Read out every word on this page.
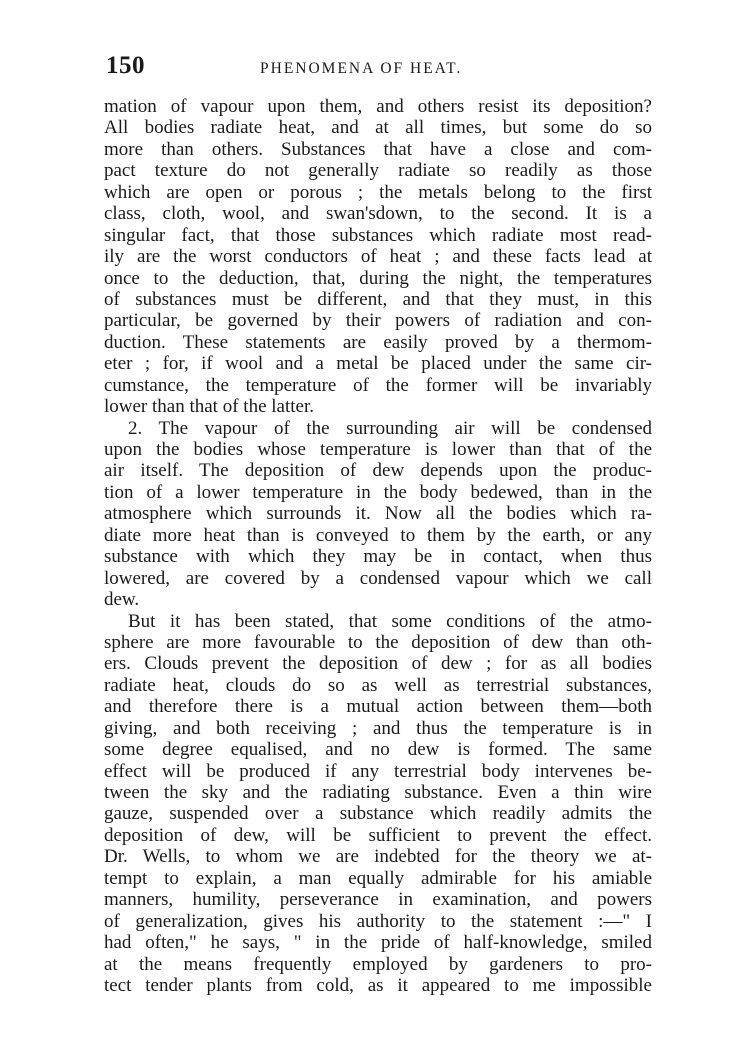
150	PHENOMENA OF HEAT.
mation of vapour upon them, and others resist its deposition?
All bodies radiate heat, and at all times, but some do so
more than others. Substances that have a close and com-
pact texture do not generally radiate so readily as those
which are open or porous ; the metals belong to the first
class, cloth, wool, and swan'sdown, to the second. It is a
singular fact, that those substances which radiate most read-
ily are the worst conductors of heat ; and these facts lead at
once to the deduction, that, during the night, the temperatures
of substances must be different, and that they must, in this
particular, be governed by their powers of radiation and con-
duction. These statements are easily proved by a thermom-
eter ; for, if wool and a metal be placed under the same cir-
cumstance, the temperature of the former will be invariably
lower than that of the latter.
2. The vapour of the surrounding air will be condensed
upon the bodies whose temperature is lower than that of the
air itself. The deposition of dew depends upon the produc-
tion of a lower temperature in the body bedewed, than in the
atmosphere which surrounds it. Now all the bodies which ra-
diate more heat than is conveyed to them by the earth, or any
substance with which they may be in contact, when thus
lowered, are covered by a condensed vapour which we call
dew.
But it has been stated, that some conditions of the atmo-
sphere are more favourable to the deposition of dew than oth-
ers. Clouds prevent the deposition of dew ; for as all bodies
radiate heat, clouds do so as well as terrestrial substances,
and therefore there is a mutual action between them—both
giving, and both receiving ; and thus the temperature is in
some degree equalised, and no dew is formed. The same
effect will be produced if any terrestrial body intervenes be-
tween the sky and the radiating substance. Even a thin wire
gauze, suspended over a substance which readily admits the
deposition of dew, will be sufficient to prevent the effect.
Dr. Wells, to whom we are indebted for the theory we at-
tempt to explain, a man equally admirable for his amiable
manners, humility, perseverance in examination, and powers
of generalization, gives his authority to the statement :—" I
had often," he says, " in the pride of half-knowledge, smiled
at the means frequently employed by gardeners to pro-
tect tender plants from cold, as it appeared to me impossible
